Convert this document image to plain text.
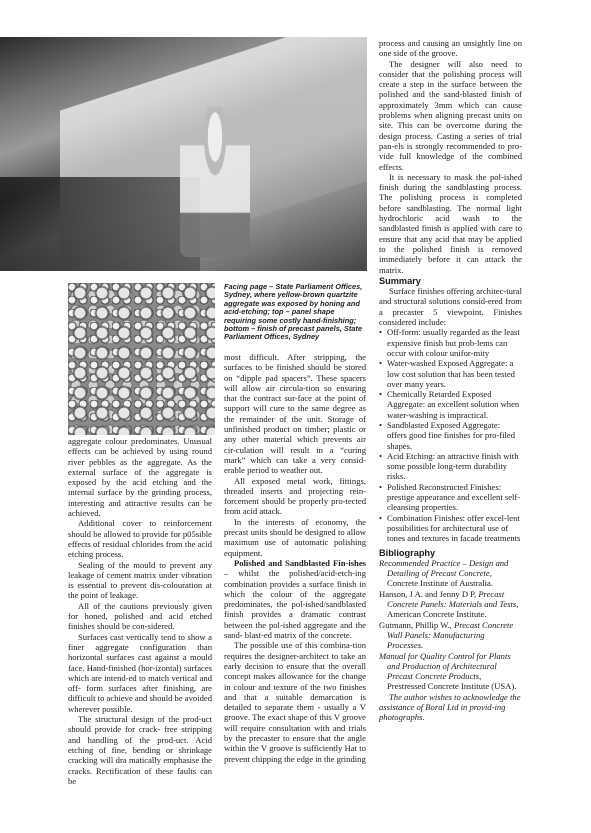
Facing page – State Parliament Offices, Sydney, where yellow-brown quartzite aggregate was exposed by honing and acid-etching; top – panel shape requiring some costly hand-finishing; bottom – finish of precast panels, State Parliament Offices, Sydney

aggregate colour predominates. Unusual effects can be achieved by using round river pebbles as the aggregate. As the external surface of the aggregate is exposed by the acid etching and the internal surface by the grinding process, interesting and attractive results can be achieved.

Additional cover to reinforcement should be allowed to provide for p05sible effects of residual chlorides from the acid etching process.

Sealing of the mould to prevent any leakage of cement matrix under vibration is essential to prevent dis-colouration at the point of leakage.

All of the cautions previously given for honed, polished and acid etched finishes should be con-sidered.

Surfaces cast vertically tend to show a finer aggregate configuration than horizontal surfaces cast against a mould face. Hand-finished (hor-izontal) surfaces which are intend-ed to match vertical and off- form surfaces after finishing, are difficult to achieve and should be avoided wherever possible.

The structural design of the prod-uct should provide for crack- free stripping and handling of the prod-uct. Acid etching of fine, bending or shrinkage cracking will dra matically emphasise the cracks. Rectification of these faults can be

most difficult. After stripping, the surfaces to be finished should be stored on “dipple pad spacers”. These spacers will allow air circula-tion so ensuring that the contract sur-face at the point of support will cure to the same degree as the remainder of the unit. Storage of unfinished product on timber; plastic or any other material which prevents air cir-culation will result in a “curing mark” which can take a very consid-erable period to weather out.

All exposed metal work, fittings, threaded inserts and projecting rein-forcement should be properly pro-tected from acid attack.

In the interests of economy, the precast units should be designed to allow maximum use of automatic polishing equipment.

Polished and Sandblasted Fin-ishes – whilst the polished/acid-etch-ing combination provides a surface finish in which the colour of the aggregate predominates, the pol-ished/sandblasted finish provides a dramatic contrast between the pol-ished aggregate and the sand- blast-ed matrix of the concrete.

The possible use of this combina-tion requires the designer-architect to take an early decision to ensure that the overall concept makes allowance for the change in colour and texture of the two finishes and that a suitable demarcation is detailed to separate them - usually a V groove. The exact shape of this V groove will require consultation with and trials by the precaster to ensure that the angle within the V groove is sufficiently Hat to prevent chipping the edge in the grinding

process and causing an unsightly line on one side of the groove.

The designer will also need to consider that the polishing process will create a step in the surface between the polished and the sand-blasted finish of approximately 3mm which can cause problems when aligning precast units on site. This can be overcome during the design process. Casting a series of trial pan-els is strongly recommended to pro-vide full knowledge of the combined effects.

It is necessary to mask the pol-ished finish during the sandblasting process. The polishing process is completed before sandblasting. The normal light hydrochloric acid wash to the sandblasted finish is applied with care to ensure that any acid that may be applied to the polished finish is removed immediately before it can attack the matrix.

Summary

Surface finishes offering architec-tural and structural solutions consid-ered from a precaster 5 viewpoint. Finishes considered include:

• Off-form: usually regarded as the least expensive finish but prob-lems can occur with colour unifor-mity
• Water-washed Exposed Aggregate: a low cost solution that has been tested over many years.
• Chemically Retarded Exposed Aggregate: an excellent solution when water-washing is impractical.
• Sandblasted Exposed Aggregate: offers good fine finishes for pro-filed shapes.
• Acid Etching: an attractive finish with some possible long-term durability risks.
• Polished Reconstructed Finishes: prestige appearance and excellent self-cleansing properties.
• Combination Finishes: offer excel-lent possibilities for architectural use of tones and textures in facade treatments
Bibliography
Recommended Practice – Design and Detailing of Precast Concrete, Concrete Institute of Australia.
Hanson, J A. and Jenny D P, Precast Concrete Panels: Materials and Tests, American Concrete Institute.
Gutmann, Phillip W., Precast Concrete Wall Panels: Manufacturing Processes.
Manual for Quality Control for Plants and Production of Architectural Precast Concrete Products, Prestressed Concrete Institute (USA).

The author wishes to acknowledge the assistance of Boral Ltd in provid-ing photographs.
